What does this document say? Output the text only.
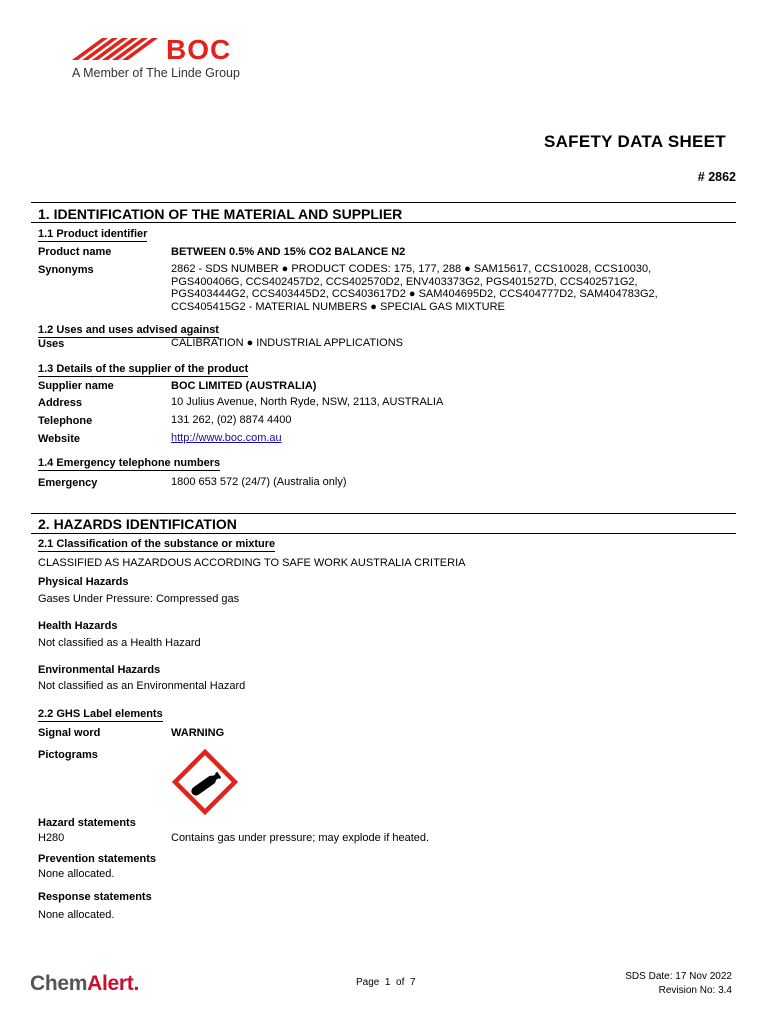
BOC
A Member of The Linde Group
SAFETY DATA SHEET
# 2862
1. IDENTIFICATION OF THE MATERIAL AND SUPPLIER
1.1 Product identifier
Product name	BETWEEN 0.5% AND 15% CO2 BALANCE N2
Synonyms	2862 - SDS NUMBER ● PRODUCT CODES: 175, 177, 288 ● SAM15617, CCS10028, CCS10030,
PGS400406G, CCS402457D2, CCS402570D2, ENV403373G2, PGS401527D, CCS402571G2,
PGS403444G2, CCS403445D2, CCS403617D2 ● SAM404695D2, CCS404777D2, SAM404783G2,
CCS405415G2 - MATERIAL NUMBERS ● SPECIAL GAS MIXTURE
1.2 Uses and uses advised against
Uses	CALIBRATION ● INDUSTRIAL APPLICATIONS
1.3 Details of the supplier of the product
Supplier name	BOC LIMITED (AUSTRALIA)
Address	10 Julius Avenue, North Ryde, NSW, 2113, AUSTRALIA
Telephone	131 262, (02) 8874 4400
Website	http://www.boc.com.au
1.4 Emergency telephone numbers
Emergency	1800 653 572 (24/7) (Australia only)
2. HAZARDS IDENTIFICATION
2.1 Classification of the substance or mixture
CLASSIFIED AS HAZARDOUS ACCORDING TO SAFE WORK AUSTRALIA CRITERIA
Physical Hazards
Gases Under Pressure: Compressed gas
Health Hazards
Not classified as a Health Hazard
Environmental Hazards
Not classified as an Environmental Hazard
2.2 GHS Label elements
Signal word	WARNING
Pictograms
Hazard statements
H280	Contains gas under pressure; may explode if heated.
Prevention statements
None allocated.
Response statements
None allocated.
ChemAlert.	Page 1 of 7
SDS Date: 17 Nov 2022
Revision No: 3.4
